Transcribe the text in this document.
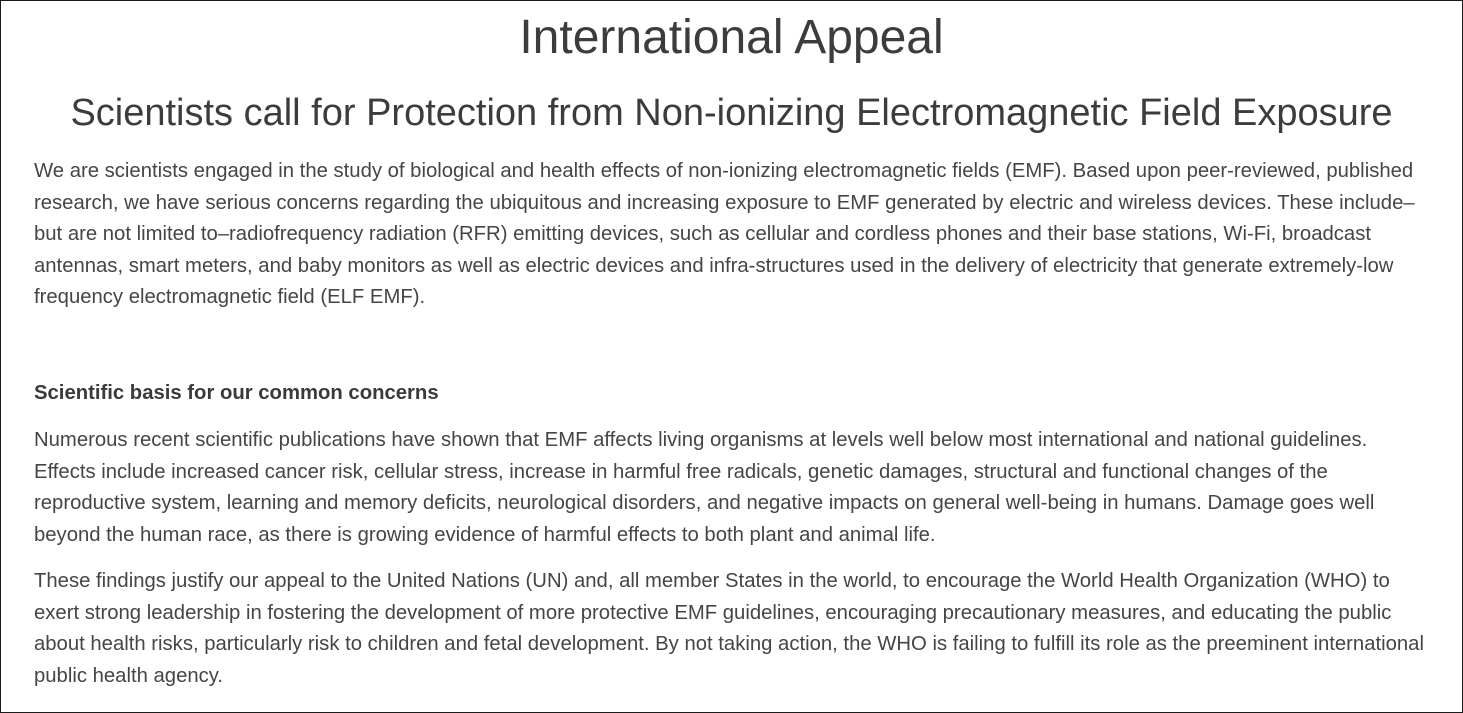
International Appeal
Scientists call for Protection from Non-ionizing Electromagnetic Field Exposure

We are scientists engaged in the study of biological and health effects of non-ionizing electromagnetic fields (EMF). Based upon peer-reviewed, published research, we have serious concerns regarding the ubiquitous and increasing exposure to EMF generated by electric and wireless devices. These include–but are not limited to–radiofrequency radiation (RFR) emitting devices, such as cellular and cordless phones and their base stations, Wi-Fi, broadcast antennas, smart meters, and baby monitors as well as electric devices and infra-structures used in the delivery of electricity that generate extremely-low frequency electromagnetic field (ELF EMF).

Scientific basis for our common concerns

Numerous recent scientific publications have shown that EMF affects living organisms at levels well below most international and national guidelines. Effects include increased cancer risk, cellular stress, increase in harmful free radicals, genetic damages, structural and functional changes of the reproductive system, learning and memory deficits, neurological disorders, and negative impacts on general well-being in humans. Damage goes well beyond the human race, as there is growing evidence of harmful effects to both plant and animal life.

These findings justify our appeal to the United Nations (UN) and, all member States in the world, to encourage the World Health Organization (WHO) to exert strong leadership in fostering the development of more protective EMF guidelines, encouraging precautionary measures, and educating the public about health risks, particularly risk to children and fetal development. By not taking action, the WHO is failing to fulfill its role as the preeminent international public health agency.
